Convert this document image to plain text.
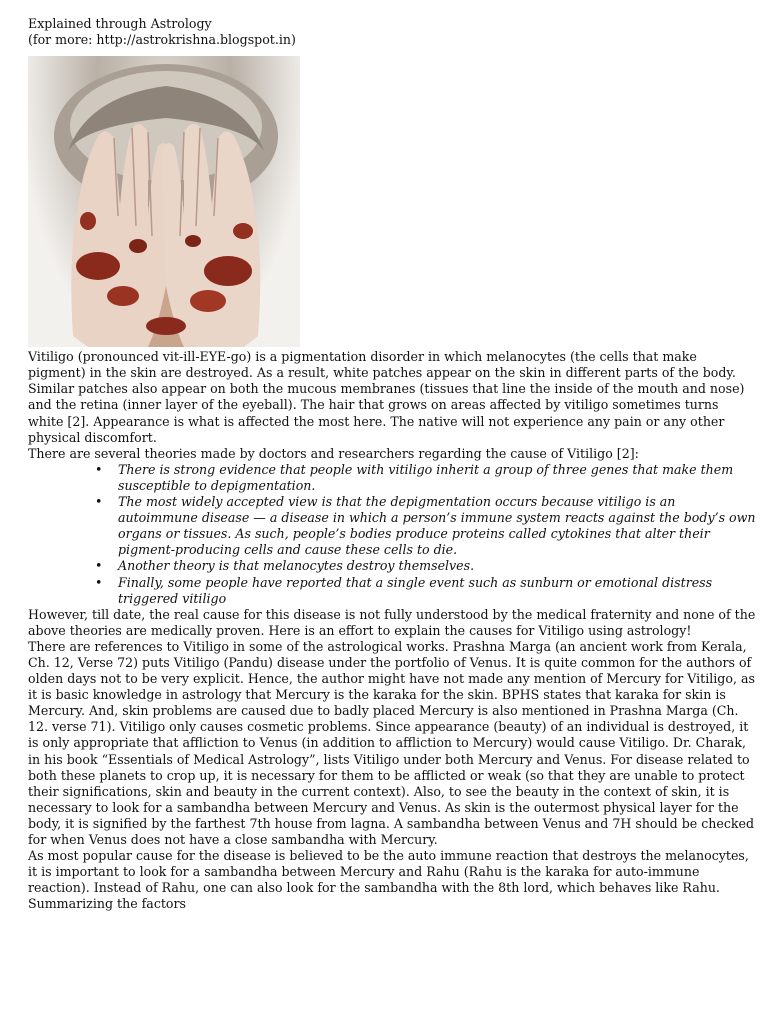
Explained through Astrology

(for more: http://astrokrishna.blogspot.in)

Vitiligo (pronounced vit-ill-EYE-go) is a pigmentation disorder in which melanocytes (the cells that make pigment) in the skin are destroyed. As a result, white patches appear on the skin in different parts of the body. Similar patches also appear on both the mucous membranes (tissues that line the inside of the mouth and nose) and the retina (inner layer of the eyeball). The hair that grows on areas affected by vitiligo sometimes turns white [2]. Appearance is what is affected the most here. The native will not experience any pain or any other physical discomfort.

There are several theories made by doctors and researchers regarding the cause of Vitiligo [2]:

• There is strong evidence that people with vitiligo inherit a group of three genes that make them susceptible to depigmentation.
• The most widely accepted view is that the depigmentation occurs because vitiligo is an autoimmune disease — a disease in which a person’s immune system reacts against the body’s own organs or tissues. As such, people’s bodies produce proteins called cytokines that alter their pigment-producing cells and cause these cells to die.
• Another theory is that melanocytes destroy themselves.
• Finally, some people have reported that a single event such as sunburn or emotional distress triggered vitiligo

However, till date, the real cause for this disease is not fully understood by the medical fraternity and none of the above theories are medically proven. Here is an effort to explain the causes for Vitiligo using astrology!

There are references to Vitiligo in some of the astrological works. Prashna Marga (an ancient work from Kerala, Ch. 12, Verse 72) puts Vitiligo (Pandu) disease under the portfolio of Venus. It is quite common for the authors of olden days not to be very explicit. Hence, the author might have not made any mention of Mercury for Vitiligo, as it is basic knowledge in astrology that Mercury is the karaka for the skin. BPHS states that karaka for skin is Mercury. And, skin problems are caused due to badly placed Mercury is also mentioned in Prashna Marga (Ch. 12. verse 71). Vitiligo only causes cosmetic problems. Since appearance (beauty) of an individual is destroyed, it is only appropriate that affliction to Venus (in addition to affliction to Mercury) would cause Vitiligo. Dr. Charak, in his book “Essentials of Medical Astrology”, lists Vitiligo under both Mercury and Venus. For disease related to both these planets to crop up, it is necessary for them to be afflicted or weak (so that they are unable to protect their significations, skin and beauty in the current context). Also, to see the beauty in the context of skin, it is necessary to look for a sambandha between Mercury and Venus. As skin is the outermost physical layer for the body, it is signified by the farthest 7th house from lagna. A sambandha between Venus and 7H should be checked for when Venus does not have a close sambandha with Mercury.

As most popular cause for the disease is believed to be the auto immune reaction that destroys the melanocytes, it is important to look for a sambandha between Mercury and Rahu (Rahu is the karaka for auto-immune reaction). Instead of Rahu, one can also look for the sambandha with the 8th lord, which behaves like Rahu.

Summarizing the factors
